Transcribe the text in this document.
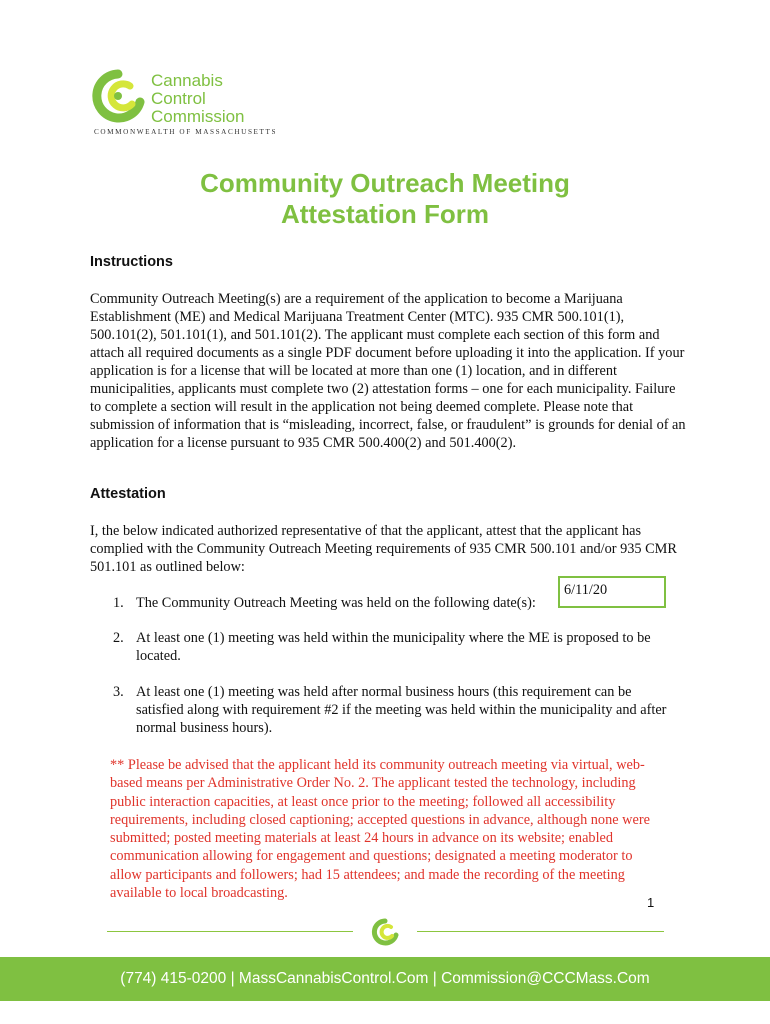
Cannabis
Control
Commission
COMMONWEALTH OF MASSACHUSETTS
Community Outreach Meeting
Attestation Form
Instructions
Community Outreach Meeting(s) are a requirement of the application to become a Marijuana Establishment (ME) and Medical Marijuana Treatment Center (MTC). 935 CMR 500.101(1), 500.101(2), 501.101(1), and 501.101(2). The applicant must complete each section of this form and attach all required documents as a single PDF document before uploading it into the application. If your application is for a license that will be located at more than one (1) location, and in different municipalities, applicants must complete two (2) attestation forms – one for each municipality. Failure to complete a section will result in the application not being deemed complete. Please note that submission of information that is “misleading, incorrect, false, or fraudulent” is grounds for denial of an application for a license pursuant to 935 CMR 500.400(2) and 501.400(2).
Attestation
I, the below indicated authorized representative of that the applicant, attest that the applicant has complied with the Community Outreach Meeting requirements of 935 CMR 500.101 and/or 935 CMR 501.101 as outlined below:
1. The Community Outreach Meeting was held on the following date(s):
6/11/20
2. At least one (1) meeting was held within the municipality where the ME is proposed to be located.
3. At least one (1) meeting was held after normal business hours (this requirement can be satisfied along with requirement #2 if the meeting was held within the municipality and after normal business hours).
** Please be advised that the applicant held its community outreach meeting via virtual, web-based means per Administrative Order No. 2. The applicant tested the technology, including public interaction capacities, at least once prior to the meeting; followed all accessibility requirements, including closed captioning; accepted questions in advance, although none were submitted; posted meeting materials at least 24 hours in advance on its website; enabled communication allowing for engagement and questions; designated a meeting moderator to allow participants and followers; had 15 attendees; and made the recording of the meeting available to local broadcasting.
1
(774) 415-0200 | MassCannabisControl.Com | Commission@CCCMass.Com
